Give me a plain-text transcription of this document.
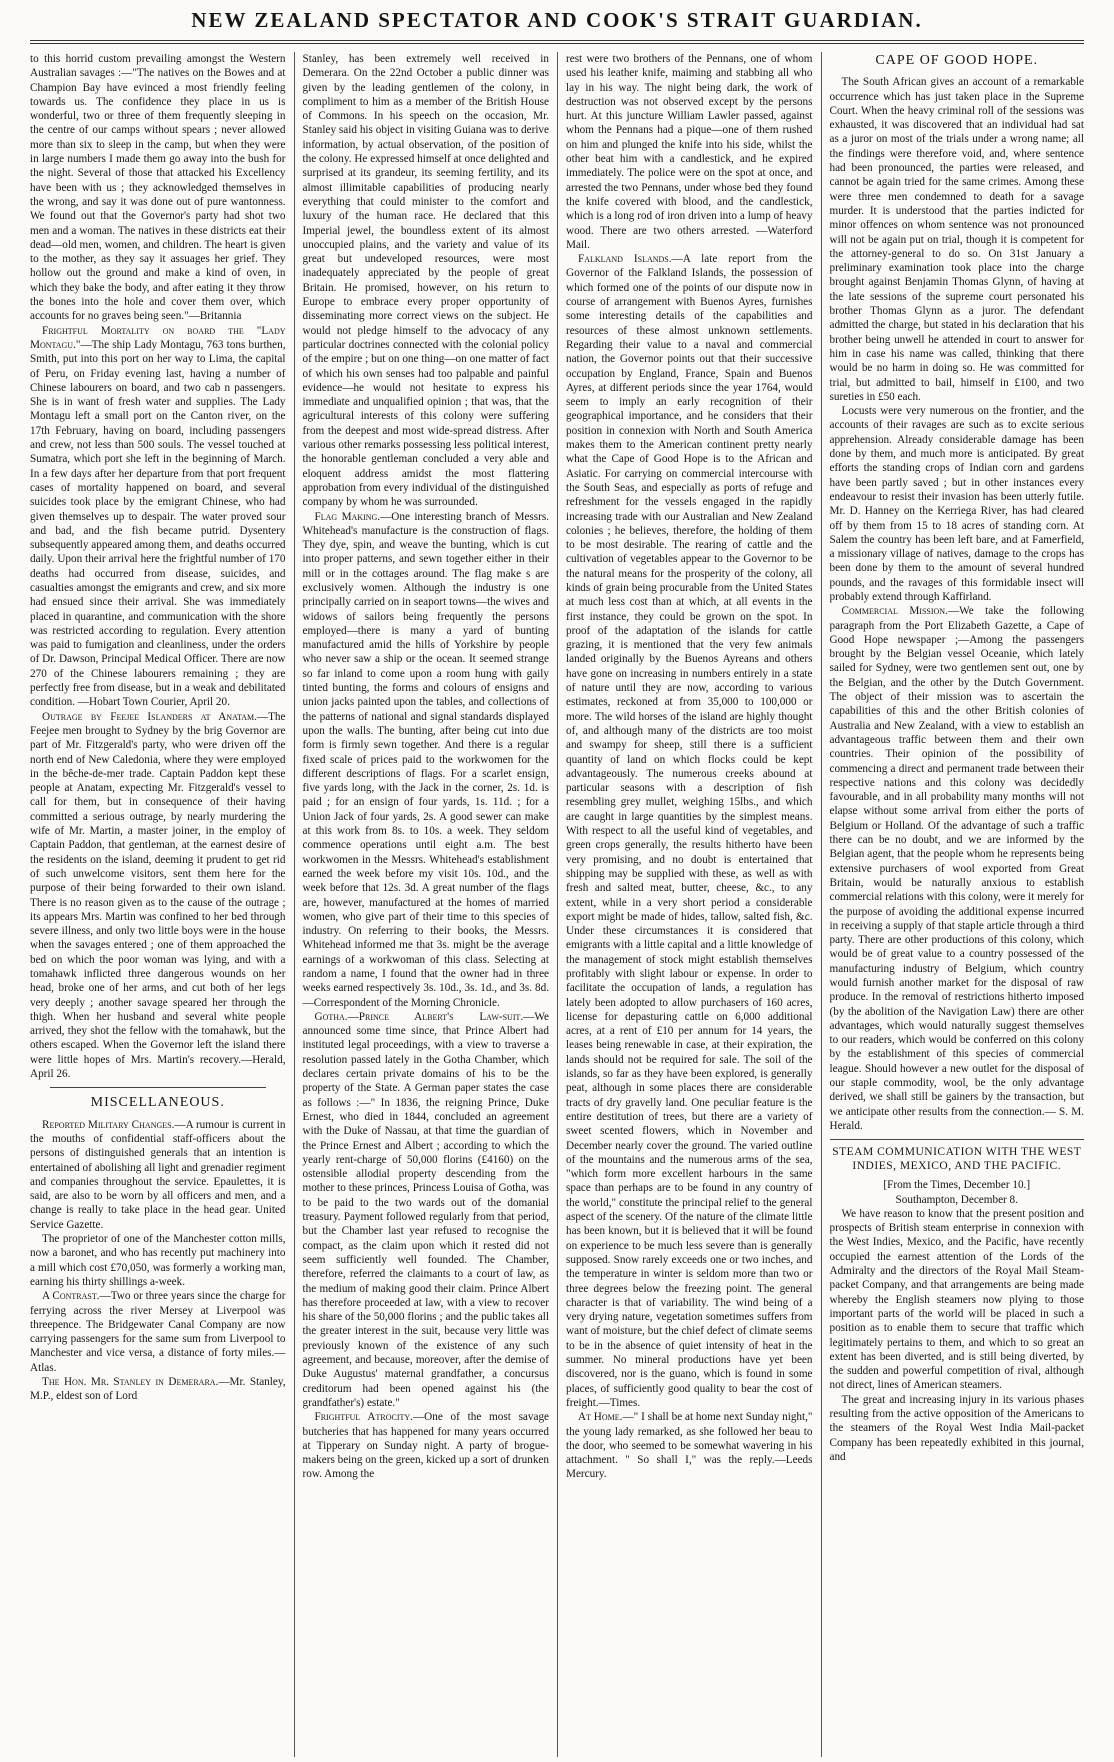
NEW ZEALAND SPECTATOR AND COOK'S STRAIT GUARDIAN.

to this horrid custom prevailing amongst the Western Australian savages :—"The natives on the Bowes and at Champion Bay have evinced a most friendly feeling towards us. The confidence they place in us is wonderful, two or three of them frequently sleeping in the centre of our camps without spears ; never allowed more than six to sleep in the camp, but when they were in large numbers I made them go away into the bush for the night. Several of those that attacked his Excellency have been with us ; they acknowledged themselves in the wrong, and say it was done out of pure wantonness. We found out that the Governor's party had shot two men and a woman. The natives in these districts eat their dead—old men, women, and children. The heart is given to the mother, as they say it assuages her grief. They hollow out the ground and make a kind of oven, in which they bake the body, and after eating it they throw the bones into the hole and cover them over, which accounts for no graves being seen."—Britannia

Frightful Mortality on board the "Lady Montagu."—The ship Lady Montagu, 763 tons burthen, Smith, put into this port on her way to Lima, the capital of Peru, on Friday evening last, having a number of Chinese labourers on board, and two cab n passengers. She is in want of fresh water and supplies. The Lady Montagu left a small port on the Canton river, on the 17th February, having on board, including passengers and crew, not less than 500 souls. The vessel touched at Sumatra, which port she left in the beginning of March. In a few days after her departure from that port frequent cases of mortality happened on board, and several suicides took place by the emigrant Chinese, who had given themselves up to despair. The water proved sour and bad, and the fish became putrid. Dysentery subsequently appeared among them, and deaths occurred daily. Upon their arrival here the frightful number of 170 deaths had occurred from disease, suicides, and casualties amongst the emigrants and crew, and six more had ensued since their arrival. She was immediately placed in quarantine, and communication with the shore was restricted according to regulation. Every attention was paid to fumigation and cleanliness, under the orders of Dr. Dawson, Principal Medical Officer. There are now 270 of the Chinese labourers remaining ; they are perfectly free from disease, but in a weak and debilitated condition. —Hobart Town Courier, April 20.

Outrage by Feejee Islanders at Anatam.—The Feejee men brought to Sydney by the brig Governor are part of Mr. Fitzgerald's party, who were driven off the north end of New Caledonia, where they were employed in the bêche-de-mer trade. Captain Paddon kept these people at Anatam, expecting Mr. Fitzgerald's vessel to call for them, but in consequence of their having committed a serious outrage, by nearly murdering the wife of Mr. Martin, a master joiner, in the employ of Captain Paddon, that gentleman, at the earnest desire of the residents on the island, deeming it prudent to get rid of such unwelcome visitors, sent them here for the purpose of their being forwarded to their own island. There is no reason given as to the cause of the outrage ; its appears Mrs. Martin was confined to her bed through severe illness, and only two little boys were in the house when the savages entered ; one of them approached the bed on which the poor woman was lying, and with a tomahawk inflicted three dangerous wounds on her head, broke one of her arms, and cut both of her legs very deeply ; another savage speared her through the thigh. When her husband and several white people arrived, they shot the fellow with the tomahawk, but the others escaped. When the Governor left the island there were little hopes of Mrs. Martin's recovery.—Herald, April 26.

MISCELLANEOUS.

Reported Military Changes.—A rumour is current in the mouths of confidential staff-officers about the persons of distinguished generals that an intention is entertained of abolishing all light and grenadier regiment and companies throughout the service. Epaulettes, it is said, are also to be worn by all officers and men, and a change is really to take place in the head gear. United Service Gazette.

The proprietor of one of the Manchester cotton mills, now a baronet, and who has recently put machinery into a mill which cost £70,050, was formerly a working man, earning his thirty shillings a-week.

A Contrast.—Two or three years since the charge for ferrying across the river Mersey at Liverpool was threepence. The Bridgewater Canal Company are now carrying passengers for the same sum from Liverpool to Manchester and vice versa, a distance of forty miles.—Atlas.

The Hon. Mr. Stanley in Demerara.—Mr. Stanley, M.P., eldest son of Lord

Stanley, has been extremely well received in Demerara. On the 22nd October a public dinner was given by the leading gentlemen of the colony, in compliment to him as a member of the British House of Commons. In his speech on the occasion, Mr. Stanley said his object in visiting Guiana was to derive information, by actual observation, of the position of the colony. He expressed himself at once delighted and surprised at its grandeur, its seeming fertility, and its almost illimitable capabilities of producing nearly everything that could minister to the comfort and luxury of the human race. He declared that this Imperial jewel, the boundless extent of its almost unoccupied plains, and the variety and value of its great but undeveloped resources, were most inadequately appreciated by the people of great Britain. He promised, however, on his return to Europe to embrace every proper opportunity of disseminating more correct views on the subject. He would not pledge himself to the advocacy of any particular doctrines connected with the colonial policy of the empire ; but on one thing—on one matter of fact of which his own senses had too palpable and painful evidence—he would not hesitate to express his immediate and unqualified opinion ; that was, that the agricultural interests of this colony were suffering from the deepest and most wide-spread distress. After various other remarks possessing less political interest, the honorable gentleman concluded a very able and eloquent address amidst the most flattering approbation from every individual of the distinguished company by whom he was surrounded.

Flag Making.—One interesting branch of Messrs. Whitehead's manufacture is the construction of flags. They dye, spin, and weave the bunting, which is cut into proper patterns, and sewn together either in their mill or in the cottages around. The flag make s are exclusively women. Although the industry is one principally carried on in seaport towns—the wives and widows of sailors being frequently the persons employed—there is many a yard of bunting manufactured amid the hills of Yorkshire by people who never saw a ship or the ocean. It seemed strange so far inland to come upon a room hung with gaily tinted bunting, the forms and colours of ensigns and union jacks painted upon the tables, and collections of the patterns of national and signal standards displayed upon the walls. The bunting, after being cut into due form is firmly sewn together. And there is a regular fixed scale of prices paid to the workwomen for the different descriptions of flags. For a scarlet ensign, five yards long, with the Jack in the corner, 2s. 1d. is paid ; for an ensign of four yards, 1s. 11d. ; for a Union Jack of four yards, 2s. A good sewer can make at this work from 8s. to 10s. a week. They seldom commence operations until eight a.m. The best workwomen in the Messrs. Whitehead's establishment earned the week before my visit 10s. 10d., and the week before that 12s. 3d. A great number of the flags are, however, manufactured at the homes of married women, who give part of their time to this species of industry. On referring to their books, the Messrs. Whitehead informed me that 3s. might be the average earnings of a workwoman of this class. Selecting at random a name, I found that the owner had in three weeks earned respectively 3s. 10d., 3s. 1d., and 3s. 8d.—Correspondent of the Morning Chronicle.

Gotha.—Prince Albert's Law-suit.—We announced some time since, that Prince Albert had instituted legal proceedings, with a view to traverse a resolution passed lately in the Gotha Chamber, which declares certain private domains of his to be the property of the State. A German paper states the case as follows :—" In 1836, the reigning Prince, Duke Ernest, who died in 1844, concluded an agreement with the Duke of Nassau, at that time the guardian of the Prince Ernest and Albert ; according to which the yearly rent-charge of 50,000 florins (£4160) on the ostensible allodial property descending from the mother to these princes, Princess Louisa of Gotha, was to be paid to the two wards out of the domanial treasury. Payment followed regularly from that period, but the Chamber last year refused to recognise the compact, as the claim upon which it rested did not seem sufficiently well founded. The Chamber, therefore, referred the claimants to a court of law, as the medium of making good their claim. Prince Albert has therefore proceeded at law, with a view to recover his share of the 50,000 florins ; and the public takes all the greater interest in the suit, because very little was previously known of the existence of any such agreement, and because, moreover, after the demise of Duke Augustus' maternal grandfather, a concursus creditorum had been opened against his (the grandfather's) estate."

Frightful Atrocity.—One of the most savage butcheries that has happened for many years occurred at Tipperary on Sunday night. A party of brogue-makers being on the green, kicked up a sort of drunken row. Among the

rest were two brothers of the Pennans, one of whom used his leather knife, maiming and stabbing all who lay in his way. The night being dark, the work of destruction was not observed except by the persons hurt. At this juncture William Lawler passed, against whom the Pennans had a pique—one of them rushed on him and plunged the knife into his side, whilst the other beat him with a candlestick, and he expired immediately. The police were on the spot at once, and arrested the two Pennans, under whose bed they found the knife covered with blood, and the candlestick, which is a long rod of iron driven into a lump of heavy wood. There are two others arrested. —Waterford Mail.

Falkland Islands.—A late report from the Governor of the Falkland Islands, the possession of which formed one of the points of our dispute now in course of arrangement with Buenos Ayres, furnishes some interesting details of the capabilities and resources of these almost unknown settlements. Regarding their value to a naval and commercial nation, the Governor points out that their successive occupation by England, France, Spain and Buenos Ayres, at different periods since the year 1764, would seem to imply an early recognition of their geographical importance, and he considers that their position in connexion with North and South America makes them to the American continent pretty nearly what the Cape of Good Hope is to the African and Asiatic. For carrying on commercial intercourse with the South Seas, and especially as ports of refuge and refreshment for the vessels engaged in the rapidly increasing trade with our Australian and New Zealand colonies ; he believes, therefore, the holding of them to be most desirable. The rearing of cattle and the cultivation of vegetables appear to the Governor to be the natural means for the prosperity of the colony, all kinds of grain being procurable from the United States at much less cost than at which, at all events in the first instance, they could be grown on the spot. In proof of the adaptation of the islands for cattle grazing, it is mentioned that the very few animals landed originally by the Buenos Ayreans and others have gone on increasing in numbers entirely in a state of nature until they are now, according to various estimates, reckoned at from 35,000 to 100,000 or more. The wild horses of the island are highly thought of, and although many of the districts are too moist and swampy for sheep, still there is a sufficient quantity of land on which flocks could be kept advantageously. The numerous creeks abound at particular seasons with a description of fish resembling grey mullet, weighing 15lbs., and which are caught in large quantities by the simplest means. With respect to all the useful kind of vegetables, and green crops generally, the results hitherto have been very promising, and no doubt is entertained that shipping may be supplied with these, as well as with fresh and salted meat, butter, cheese, &c., to any extent, while in a very short period a considerable export might be made of hides, tallow, salted fish, &c. Under these circumstances it is considered that emigrants with a little capital and a little knowledge of the management of stock might establish themselves profitably with slight labour or expense. In order to facilitate the occupation of lands, a regulation has lately been adopted to allow purchasers of 160 acres, license for depasturing cattle on 6,000 additional acres, at a rent of £10 per annum for 14 years, the leases being renewable in case, at their expiration, the lands should not be required for sale. The soil of the islands, so far as they have been explored, is generally peat, although in some places there are considerable tracts of dry gravelly land. One peculiar feature is the entire destitution of trees, but there are a variety of sweet scented flowers, which in November and December nearly cover the ground. The varied outline of the mountains and the numerous arms of the sea, "which form more excellent harbours in the same space than perhaps are to be found in any country of the world," constitute the principal relief to the general aspect of the scenery. Of the nature of the climate little has been known, but it is believed that it will be found on experience to be much less severe than is generally supposed. Snow rarely exceeds one or two inches, and the temperature in winter is seldom more than two or three degrees below the freezing point. The general character is that of variability. The wind being of a very drying nature, vegetation sometimes suffers from want of moisture, but the chief defect of climate seems to be in the absence of quiet intensity of heat in the summer. No mineral productions have yet been discovered, nor is the guano, which is found in some places, of sufficiently good quality to bear the cost of freight.—Times.

At Home.—" I shall be at home next Sunday night," the young lady remarked, as she followed her beau to the door, who seemed to be somewhat wavering in his attachment. " So shall I," was the reply.—Leeds Mercury.

CAPE OF GOOD HOPE.

The South African gives an account of a remarkable occurrence which has just taken place in the Supreme Court. When the heavy criminal roll of the sessions was exhausted, it was discovered that an individual had sat as a juror on most of the trials under a wrong name; all the findings were therefore void, and, where sentence had been pronounced, the parties were released, and cannot be again tried for the same crimes. Among these were three men condemned to death for a savage murder. It is understood that the parties indicted for minor offences on whom sentence was not pronounced will not be again put on trial, though it is competent for the attorney-general to do so. On 31st January a preliminary examination took place into the charge brought against Benjamin Thomas Glynn, of having at the late sessions of the supreme court personated his brother Thomas Glynn as a juror. The defendant admitted the charge, but stated in his declaration that his brother being unwell he attended in court to answer for him in case his name was called, thinking that there would be no harm in doing so. He was committed for trial, but admitted to bail, himself in £100, and two sureties in £50 each.

Locusts were very numerous on the frontier, and the accounts of their ravages are such as to excite serious apprehension. Already considerable damage has been done by them, and much more is anticipated. By great efforts the standing crops of Indian corn and gardens have been partly saved ; but in other instances every endeavour to resist their invasion has been utterly futile. Mr. D. Hanney on the Kerriega River, has had cleared off by them from 15 to 18 acres of standing corn. At Salem the country has been left bare, and at Famerfield, a missionary village of natives, damage to the crops has been done by them to the amount of several hundred pounds, and the ravages of this formidable insect will probably extend through Kaffirland.

Commercial Mission.—We take the following paragraph from the Port Elizabeth Gazette, a Cape of Good Hope newspaper ;—Among the passengers brought by the Belgian vessel Oceanie, which lately sailed for Sydney, were two gentlemen sent out, one by the Belgian, and the other by the Dutch Government. The object of their mission was to ascertain the capabilities of this and the other British colonies of Australia and New Zealand, with a view to establish an advantageous traffic between them and their own countries. Their opinion of the possibility of commencing a direct and permanent trade between their respective nations and this colony was decidedly favourable, and in all probability many months will not elapse without some arrival from either the ports of Belgium or Holland. Of the advantage of such a traffic there can be no doubt, and we are informed by the Belgian agent, that the people whom he represents being extensive purchasers of wool exported from Great Britain, would be naturally anxious to establish commercial relations with this colony, were it merely for the purpose of avoiding the additional expense incurred in receiving a supply of that staple article through a third party. There are other productions of this colony, which would be of great value to a country possessed of the manufacturing industry of Belgium, which country would furnish another market for the disposal of raw produce. In the removal of restrictions hitherto imposed (by the abolition of the Navigation Law) there are other advantages, which would naturally suggest themselves to our readers, which would be conferred on this colony by the establishment of this species of commercial league. Should however a new outlet for the disposal of our staple commodity, wool, be the only advantage derived, we shall still be gainers by the transaction, but we anticipate other results from the connection.— S. M. Herald.

STEAM COMMUNICATION WITH THE WEST INDIES, MEXICO, AND THE PACIFIC.

[From the Times, December 10.]

Southampton, December 8.

We have reason to know that the present position and prospects of British steam enterprise in connexion with the West Indies, Mexico, and the Pacific, have recently occupied the earnest attention of the Lords of the Admiralty and the directors of the Royal Mail Steam-packet Company, and that arrangements are being made whereby the English steamers now plying to those important parts of the world will be placed in such a position as to enable them to secure that traffic which legitimately pertains to them, and which to so great an extent has been diverted, and is still being diverted, by the sudden and powerful competition of rival, although not direct, lines of American steamers.

The great and increasing injury in its various phases resulting from the active opposition of the Americans to the steamers of the Royal West India Mail-packet Company has been repeatedly exhibited in this journal, and
